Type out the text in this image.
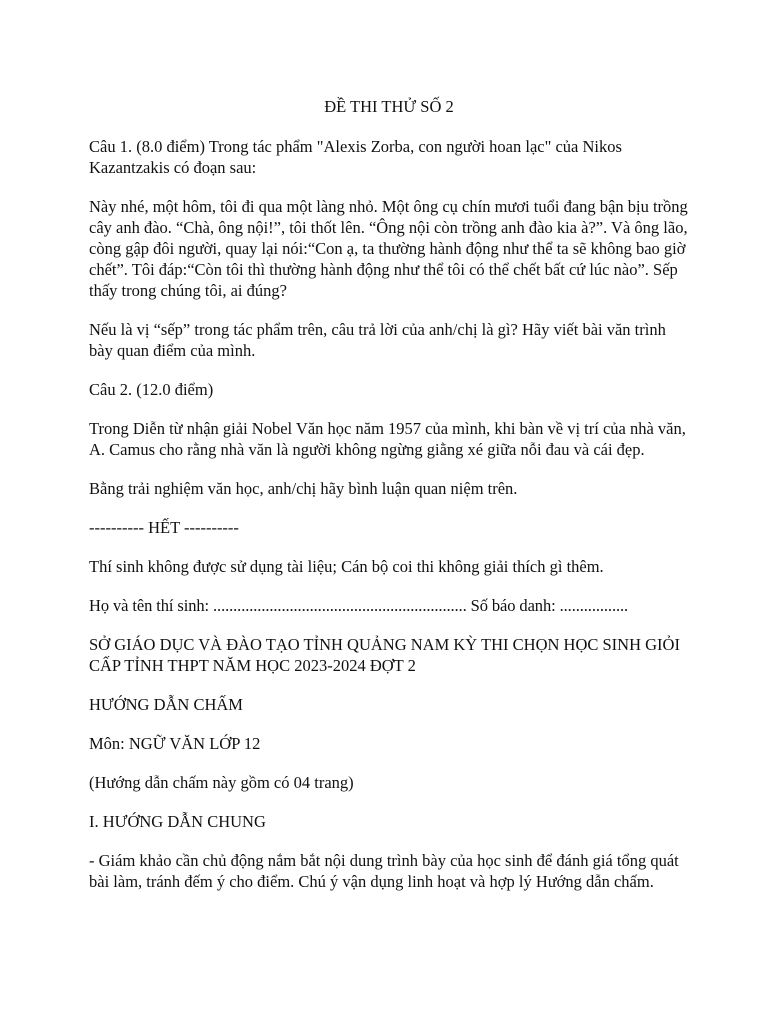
ĐỀ THI THỬ SỐ 2

Câu 1. (8.0 điểm) Trong tác phẩm "Alexis Zorba, con người hoan lạc" của Nikos Kazantzakis có đoạn sau:

Này nhé, một hôm, tôi đi qua một làng nhỏ. Một ông cụ chín mươi tuổi đang bận bịu trồng cây anh đào. “Chà, ông nội!”, tôi thốt lên. “Ông nội còn trồng anh đào kia à?”. Và ông lão, còng gập đôi người, quay lại nói:“Con ạ, ta thường hành động như thể ta sẽ không bao giờ chết”. Tôi đáp:“Còn tôi thì thường hành động như thể tôi có thể chết bất cứ lúc nào”. Sếp thấy trong chúng tôi, ai đúng?

Nếu là vị “sếp” trong tác phẩm trên, câu trả lời của anh/chị là gì? Hãy viết bài văn trình bày quan điểm của mình.

Câu 2. (12.0 điểm)

Trong Diễn từ nhận giải Nobel Văn học năm 1957 của mình, khi bàn về vị trí của nhà văn, A. Camus cho rằng nhà văn là người không ngừng giằng xé giữa nỗi đau và cái đẹp.

Bằng trải nghiệm văn học, anh/chị hãy bình luận quan niệm trên.

---------- HẾT ----------

Thí sinh không được sử dụng tài liệu; Cán bộ coi thi không giải thích gì thêm.

Họ và tên thí sinh: ............................................................... Số báo danh: .................

SỞ GIÁO DỤC VÀ ĐÀO TẠO TỈNH QUẢNG NAM KỲ THI CHỌN HỌC SINH GIỎI CẤP TỈNH THPT NĂM HỌC 2023-2024 ĐỢT 2

HƯỚNG DẪN CHẤM

Môn: NGỮ VĂN LỚP 12

(Hướng dẫn chấm này gồm có 04 trang)

I. HƯỚNG DẪN CHUNG

- Giám khảo cần chủ động nắm bắt nội dung trình bày của học sinh để đánh giá tổng quát bài làm, tránh đếm ý cho điểm. Chú ý vận dụng linh hoạt và hợp lý Hướng dẫn chấm.
